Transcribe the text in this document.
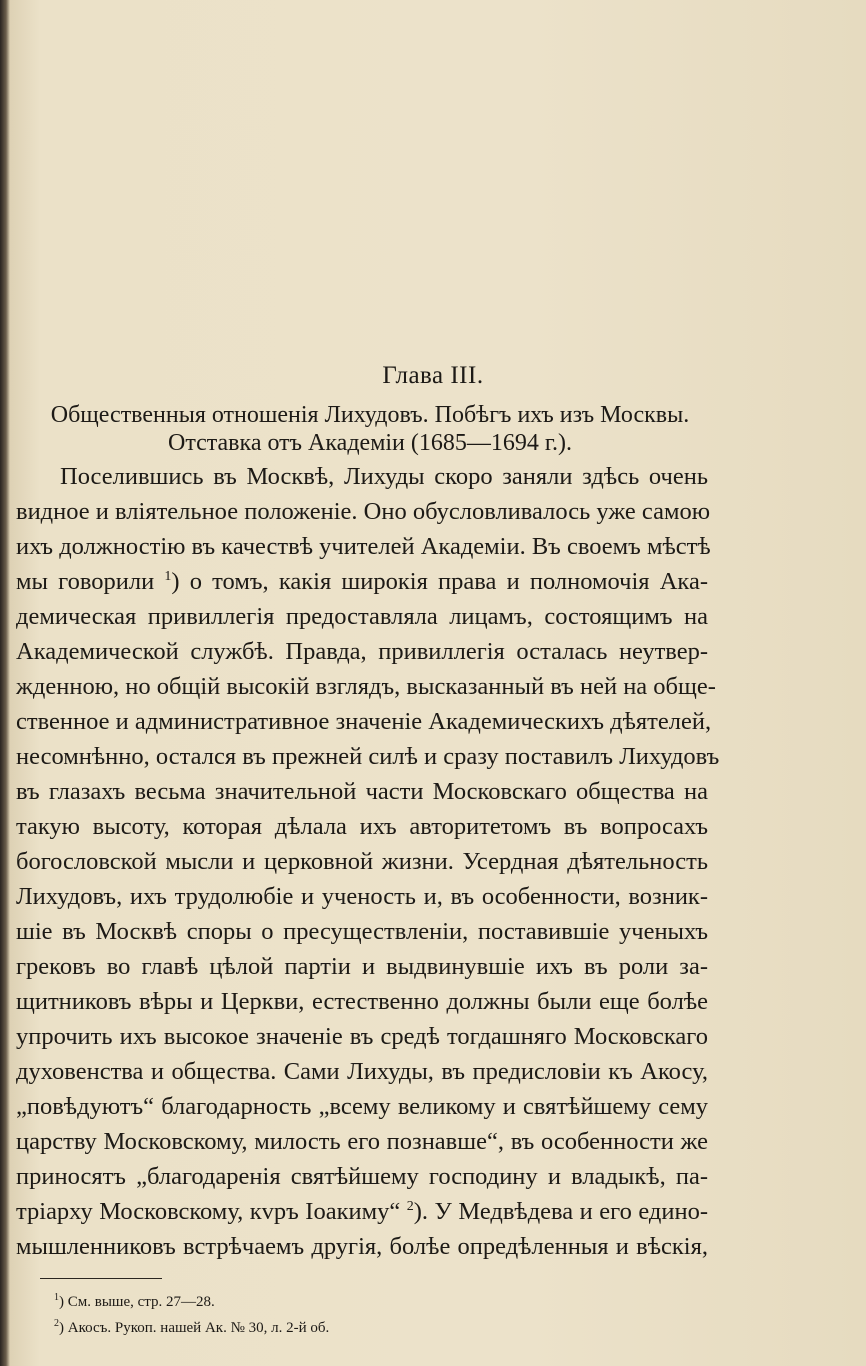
Глава III.
Общественныя отношенія Лихудовъ. Побѣгъ ихъ изъ Москвы.
Отставка отъ Академіи (1685—1694 г.).
Поселившись въ Москвѣ, Лихуды скоро заняли здѣсь очень
видное и вліятельное положеніе. Оно обусловливалось уже самою
ихъ должностію въ качествѣ учителей Академіи. Въ своемъ мѣстѣ
мы говорили $^1$) о томъ, какія широкія права и полномочія Ака-
демическая привиллегія предоставляла лицамъ, состоящимъ на
Академической службѣ. Правда, привиллегія осталась неутвер-
жденною, но общій высокій взглядъ, высказанный въ ней на обще-
ственное и административное значеніе Академическихъ дѣятелей,
несомнѣнно, остался въ прежней силѣ и сразу поставилъ Лихудовъ
въ глазахъ весьма значительной части Московскаго общества на
такую высоту, которая дѣлала ихъ авторитетомъ въ вопросахъ
богословской мысли и церковной жизни. Усердная дѣятельность
Лихудовъ, ихъ трудолюбіе и ученость и, въ особенности, возник-
шіе въ Москвѣ споры о пресуществленіи, поставившіе ученыхъ
грековъ во главѣ цѣлой партіи и выдвинувшіе ихъ въ роли за-
щитниковъ вѣры и Церкви, естественно должны были еще болѣе
упрочить ихъ высокое значеніе въ средѣ тогдашняго Московскаго
духовенства и общества. Сами Лихуды, въ предисловіи къ Акосу,
„повѣдуютъ“ благодарность „всему великому и святѣйшему сему
царству Московскому, милость его познавше“, въ особенности же
приносятъ „благодаренія святѣйшему господину и владыкѣ, па-
тріарху Московскому, кvръ Іоакиму“ $^2$). У Медвѣдева и его едино-
мышленниковъ встрѣчаемъ другія, болѣе опредѣленныя и вѣскія,
$^1$) См. выше, стр. 27—28.
$^2$) Акосъ. Рукоп. нашей Ак. № 30, л. 2-й об.
